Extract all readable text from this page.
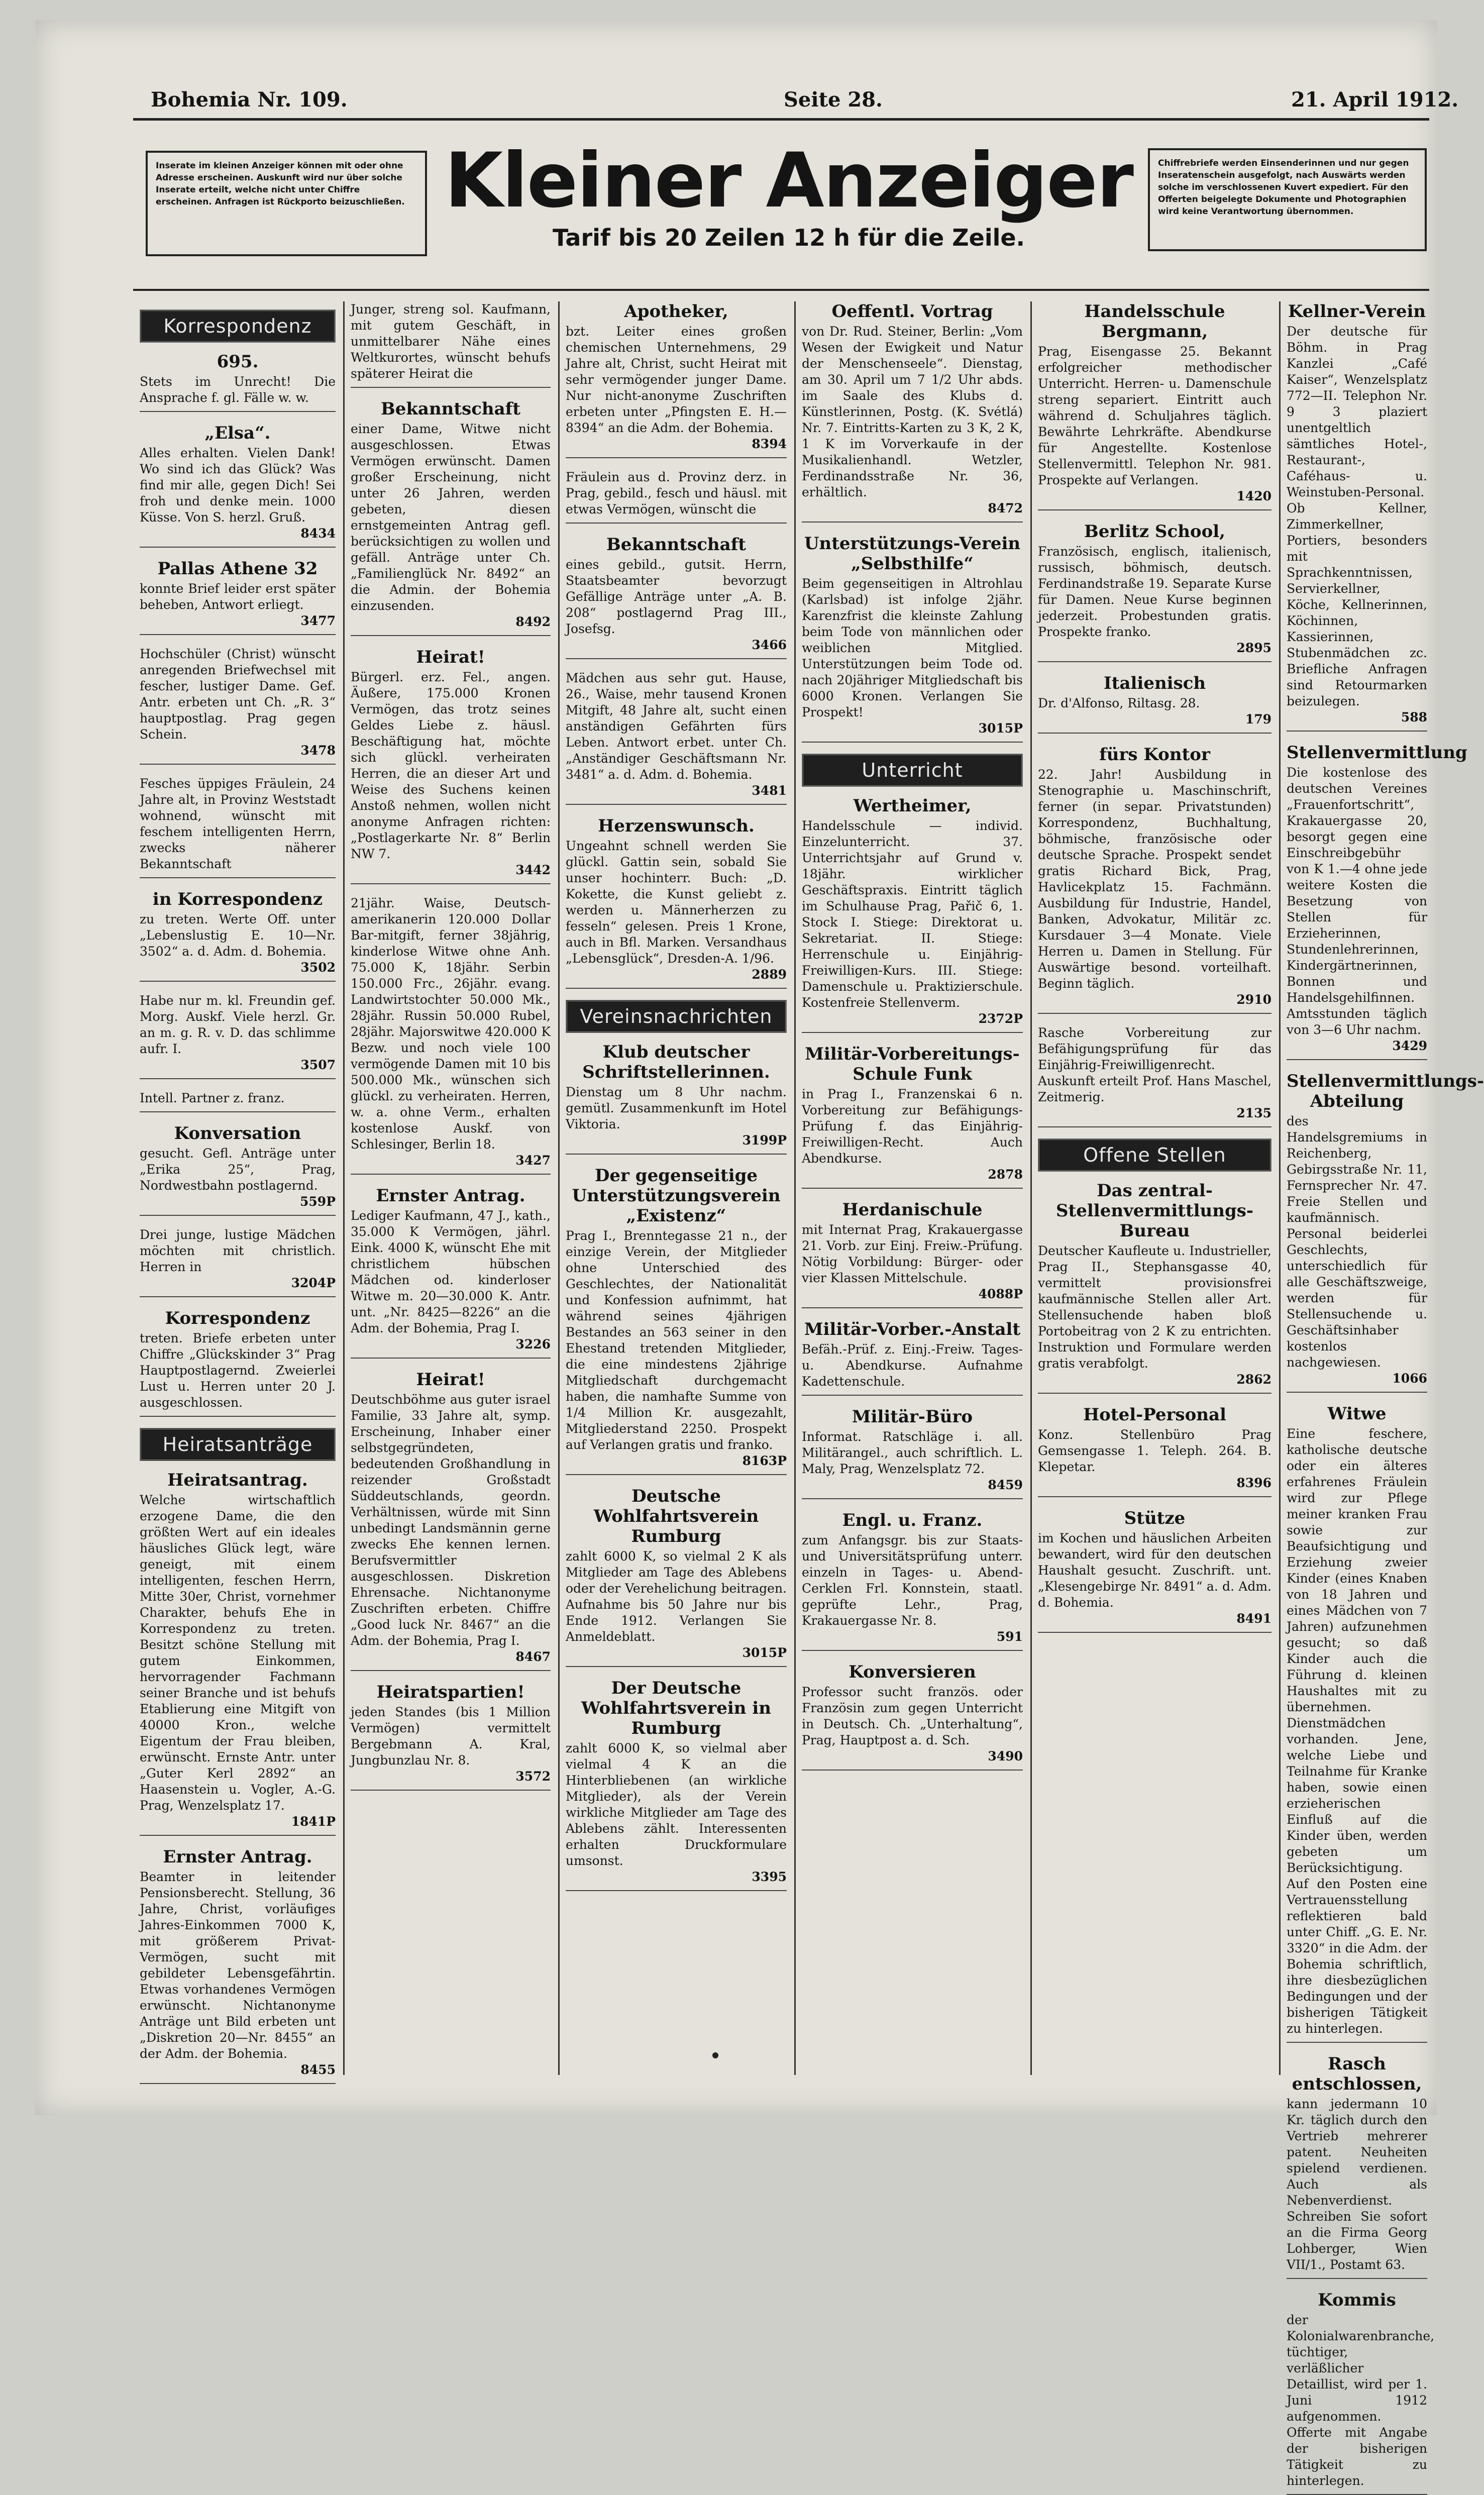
Bohemia Nr. 109.	Seite 28.	21. April 1912.
Inserate im kleinen Anzeiger können mit oder ohne Adresse erscheinen. Auskunft wird nur über solche Inserate erteilt, welche nicht unter Chiffre erscheinen. Anfragen ist Rückporto beizuschließen. Kleiner Anzeiger
Tarif bis 20 Zeilen 12 h für die Zeile.
Chiffrebriefe werden Einsenderinnen und nur gegen Inseratenschein ausgefolgt, nach Auswärts werden solche im verschlossenen Kuvert expediert. Für den Offerten beigelegte Dokumente und Photographien wird keine Verantwortung übernommen.
Korrespondenz
695.
Stets im Unrecht! Die Ansprache f. gl. Fälle w. w.
„Elsa“.
Alles erhalten. Vielen Dank! Wo sind ich das Glück? Was find mir alle, gegen Dich! Sei froh und denke mein. 1000 Küsse. Von S. herzl. Gruß.
8434
Pallas Athene 32
konnte Brief leider erst später beheben, Antwort erliegt.
3477
Hochschüler (Christ) wünscht anregenden Briefwechsel mit fescher, lustiger Dame. Gef. Antr. erbeten unt Ch. „R. 3“ hauptpostlag. Prag gegen Schein.
3478
Fesches üppiges Fräulein, 24 Jahre alt, in Provinz Weststadt wohnend, wünscht mit feschem intelligenten Herrn, zwecks näherer Bekanntschaft
in Korrespondenz
zu treten. Werte Off. unter „Lebenslustig E. 10—Nr. 3502“ a. d. Adm. d. Bohemia.
3502
Habe nur m. kl. Freundin gef. Morg. Auskf. Viele herzl. Gr. an m. g. R. v. D. das schlimme aufr. I.
3507
Intell. Partner z. franz.
Konversation
gesucht. Gefl. Anträge unter „Erika 25“, Prag, Nordwestbahn postlagernd.
559P
Drei junge, lustige Mädchen möchten mit christlich. Herren in
3204P
Korrespondenz
treten. Briefe erbeten unter Chiffre „Glückskinder 3“ Prag Hauptpostlagernd. Zweierlei Lust u. Herren unter 20 J. ausgeschlossen.
Heiratsanträge
Heiratsantrag.
Welche wirtschaftlich erzogene Dame, die den größten Wert auf ein ideales häusliches Glück legt, wäre geneigt, mit einem intelligenten, feschen Herrn, Mitte 30er, Christ, vornehmer Charakter, behufs Ehe in Korrespondenz zu treten. Besitzt schöne Stellung mit gutem Einkommen, hervorragender Fachmann seiner Branche und ist behufs Etablierung eine Mitgift von 40000 Kron., welche Eigentum der Frau bleiben, erwünscht. Ernste Antr. unter „Guter Kerl 2892“ an Haasenstein u. Vogler, A.-G. Prag, Wenzelsplatz 17.
1841P
Ernster Antrag.
Beamter in leitender Pensionsberecht. Stellung, 36 Jahre, Christ, vorläufiges Jahres-Einkommen 7000 K, mit größerem Privat-Vermögen, sucht mit gebildeter Lebensgefährtin. Etwas vorhandenes Vermögen erwünscht. Nichtanonyme Anträge unt Bild erbeten unt „Diskretion 20—Nr. 8455“ an der Adm. der Bohemia.
8455
Junger, streng sol. Kaufmann, mit gutem Geschäft, in unmittelbarer Nähe eines Weltkurortes, wünscht behufs späterer Heirat die
Bekanntschaft
einer Dame, Witwe nicht ausgeschlossen. Etwas Vermögen erwünscht. Damen großer Erscheinung, nicht unter 26 Jahren, werden gebeten, diesen ernstgemeinten Antrag gefl. berücksichtigen zu wollen und gefäll. Anträge unter Ch. „Familienglück Nr. 8492“ an die Admin. der Bohemia einzusenden.
8492
Heirat!
Bürgerl. erz. Fel., angen. Äußere, 175.000 Kronen Vermögen, das trotz seines Geldes Liebe z. häusl. Beschäftigung hat, möchte sich glückl. verheiraten Herren, die an dieser Art und Weise des Suchens keinen Anstoß nehmen, wollen nicht anonyme Anfragen richten: „Postlagerkarte Nr. 8“ Berlin NW 7.
3442
21jähr. Waise, Deutsch-amerikanerin 120.000 Dollar Bar-mitgift, ferner 38jährig, kinderlose Witwe ohne Anh. 75.000 K, 18jähr. Serbin 150.000 Frc., 26jähr. evang. Landwirtstochter 50.000 Mk., 28jähr. Russin 50.000 Rubel, 28jähr. Majorswitwe 420.000 K Bezw. und noch viele 100 vermögende Damen mit 10 bis 500.000 Mk., wünschen sich glückl. zu verheiraten. Herren, w. a. ohne Verm., erhalten kostenlose Auskf. von Schlesinger, Berlin 18.
3427
Ernster Antrag.
Lediger Kaufmann, 47 J., kath., 35.000 K Vermögen, jährl. Eink. 4000 K, wünscht Ehe mit christlichem hübschen Mädchen od. kinderloser Witwe m. 20—30.000 K. Antr. unt. „Nr. 8425—8226“ an die Adm. der Bohemia, Prag I.
3226
Heirat!
Deutschböhme aus guter israel Familie, 33 Jahre alt, symp. Erscheinung, Inhaber einer selbstgegründeten, bedeutenden Großhandlung in reizender Großstadt Süddeutschlands, geordn. Verhältnissen, würde mit Sinn unbedingt Landsmännin gerne zwecks Ehe kennen lernen. Berufsvermittler ausgeschlossen. Diskretion Ehrensache. Nichtanonyme Zuschriften erbeten. Chiffre „Good luck Nr. 8467“ an die Adm. der Bohemia, Prag I.
8467
Heiratspartien!
jeden Standes (bis 1 Million Vermögen) vermittelt Bergebmann A. Kral, Jungbunzlau Nr. 8.
3572
Apotheker,
bzt. Leiter eines großen chemischen Unternehmens, 29 Jahre alt, Christ, sucht Heirat mit sehr vermögender junger Dame. Nur nicht-anonyme Zuschriften erbeten unter „Pfingsten E. H.—8394“ an die Adm. der Bohemia.
8394
Fräulein aus d. Provinz derz. in Prag, gebild., fesch und häusl. mit etwas Vermögen, wünscht die
Bekanntschaft
eines gebild., gutsit. Herrn, Staatsbeamter bevorzugt Gefällige Anträge unter „A. B. 208“ postlagernd Prag III., Josefsg.
3466
Mädchen aus sehr gut. Hause, 26., Waise, mehr tausend Kronen Mitgift, 48 Jahre alt, sucht einen anständigen Gefährten fürs Leben. Antwort erbet. unter Ch. „Anständiger Geschäftsmann Nr. 3481“ a. d. Adm. d. Bohemia.
3481
Herzenswunsch.
Ungeahnt schnell werden Sie glückl. Gattin sein, sobald Sie unser hochinterr. Buch: „D. Kokette, die Kunst geliebt z. werden u. Männerherzen zu fesseln“ gelesen. Preis 1 Krone, auch in Bfl. Marken. Versandhaus „Lebensglück“, Dresden-A. 1/96.
2889
Vereinsnachrichten
Klub deutscher Schriftstellerinnen.
Dienstag um 8 Uhr nachm. gemütl. Zusammenkunft im Hotel Viktoria.
3199P
Der gegenseitige Unterstützungsverein „Existenz“
Prag I., Brenntegasse 21 n., der einzige Verein, der Mitglieder ohne Unterschied des Geschlechtes, der Nationalität und Konfession aufnimmt, hat während seines 4jährigen Bestandes an 563 seiner in den Ehestand tretenden Mitglieder, die eine mindestens 2jährige Mitgliedschaft durchgemacht haben, die namhafte Summe von 1/4 Million Kr. ausgezahlt, Mitgliederstand 2250. Prospekt auf Verlangen gratis und franko.
8163P
Deutsche Wohlfahrtsverein Rumburg
zahlt 6000 K, so vielmal 2 K als Mitglieder am Tage des Ablebens oder der Verehelichung beitragen. Aufnahme bis 50 Jahre nur bis Ende 1912. Verlangen Sie Anmeldeblatt.
3015P
Der Deutsche Wohlfahrtsverein in Rumburg
zahlt 6000 K, so vielmal aber vielmal 4 K an die Hinterbliebenen (an wirkliche Mitglieder), als der Verein wirkliche Mitglieder am Tage des Ablebens zählt. Interessenten erhalten Druckformulare umsonst.
3395
Oeffentl. Vortrag
von Dr. Rud. Steiner, Berlin: „Vom Wesen der Ewigkeit und Natur der Menschenseele“. Dienstag, am 30. April um 7 1/2 Uhr abds. im Saale des Klubs d. Künstlerinnen, Postg. (K. Svétlá) Nr. 7. Eintritts-Karten zu 3 K, 2 K, 1 K im Vorverkaufe in der Musikalienhandl. Wetzler, Ferdinandsstraße Nr. 36, erhältlich.
8472
Unterstützungs-Verein „Selbsthilfe“
Beim gegenseitigen in Altrohlau (Karlsbad) ist infolge 2jähr. Karenzfrist die kleinste Zahlung beim Tode von männlichen oder weiblichen Mitglied. Unterstützungen beim Tode od. nach 20jähriger Mitgliedschaft bis 6000 Kronen. Verlangen Sie Prospekt!
3015P
Unterricht
Wertheimer,
Handelsschule — individ. Einzelunterricht. 37. Unterrichtsjahr auf Grund v. 18jähr. wirklicher Geschäftspraxis. Eintritt täglich im Schulhause Prag, Pařič 6, 1. Stock I. Stiege: Direktorat u. Sekretariat. II. Stiege: Herrenschule u. Einjährig-Freiwilligen-Kurs. III. Stiege: Damenschule u. Praktizierschule. Kostenfreie Stellenverm.
2372P
Militär-Vorbereitungs-Schule Funk
in Prag I., Franzenskai 6 n. Vorbereitung zur Befähigungs-Prüfung f. das Einjährig-Freiwilligen-Recht. Auch Abendkurse.
2878
Herdanischule
mit Internat Prag, Krakauergasse 21. Vorb. zur Einj. Freiw.-Prüfung. Nötig Vorbildung: Bürger- oder vier Klassen Mittelschule.
4088P
Militär-Vorber.-Anstalt
Befäh.-Prüf. z. Einj.-Freiw. Tages- u. Abendkurse. Aufnahme Kadettenschule.
Militär-Büro
Informat. Ratschläge i. all. Militärangel., auch schriftlich. L. Maly, Prag, Wenzelsplatz 72.
8459
Engl. u. Franz.
zum Anfangsgr. bis zur Staats- und Universitätsprüfung unterr. einzeln in Tages- u. Abend-Cerklen Frl. Konnstein, staatl. geprüfte Lehr., Prag, Krakauergasse Nr. 8.
591
Konversieren
Professor sucht französ. oder Französin zum gegen Unterricht in Deutsch. Ch. „Unterhaltung“, Prag, Hauptpost a. d. Sch.
3490
Handelsschule Bergmann,
Prag, Eisengasse 25. Bekannt erfolgreicher methodischer Unterricht. Herren- u. Damenschule streng separiert. Eintritt auch während d. Schuljahres täglich. Bewährte Lehrkräfte. Abendkurse für Angestellte. Kostenlose Stellenvermittl. Telephon Nr. 981. Prospekte auf Verlangen.
1420
Berlitz School,
Französisch, englisch, italienisch, russisch, böhmisch, deutsch. Ferdinandstraße 19. Separate Kurse für Damen. Neue Kurse beginnen jederzeit. Probestunden gratis. Prospekte franko.
2895
Italienisch
Dr. d'Alfonso, Riltasg. 28.
179
fürs Kontor
22. Jahr! Ausbildung in Stenographie u. Maschinschrift, ferner (in separ. Privatstunden) Korrespondenz, Buchhaltung, böhmische, französische oder deutsche Sprache. Prospekt sendet gratis Richard Bick, Prag, Havlicekplatz 15. Fachmänn. Ausbildung für Industrie, Handel, Banken, Advokatur, Militär zc. Kursdauer 3—4 Monate. Viele Herren u. Damen in Stellung. Für Auswärtige besond. vorteilhaft. Beginn täglich.
2910
Rasche Vorbereitung zur Befähigungsprüfung für das Einjährig-Freiwilligenrecht. Auskunft erteilt Prof. Hans Maschel, Zeitmerig.
2135
Offene Stellen
Das zentral-Stellenvermittlungs-Bureau
Deutscher Kaufleute u. Industrieller, Prag II., Stephansgasse 40, vermittelt provisionsfrei kaufmännische Stellen aller Art. Stellensuchende haben bloß Portobeitrag von 2 K zu entrichten. Instruktion und Formulare werden gratis verabfolgt.
2862
Hotel-Personal
Konz. Stellenbüro Prag Gemsengasse 1. Teleph. 264. B. Klepetar.
8396
Stütze
im Kochen und häuslichen Arbeiten bewandert, wird für den deutschen Haushalt gesucht. Zuschrift. unt. „Klesengebirge Nr. 8491“ a. d. Adm. d. Bohemia.
8491
Kellner-Verein
Der deutsche für Böhm. in Prag Kanzlei „Café Kaiser“, Wenzelsplatz 772—II. Telephon Nr. 9 3 plaziert unentgeltlich sämtliches Hotel-, Restaurant-, Caféhaus- u. Weinstuben-Personal. Ob Kellner, Zimmerkellner, Portiers, besonders mit Sprachkenntnissen, Servierkellner, Köche, Kellnerinnen, Köchinnen, Kassierinnen, Stubenmädchen zc. Briefliche Anfragen sind Retourmarken beizulegen.
588
Stellenvermittlung
Die kostenlose des deutschen Vereines „Frauenfortschritt“, Krakauergasse 20, besorgt gegen eine Einschreibgebühr von K 1.—4 ohne jede weitere Kosten die Besetzung von Stellen für Erzieherinnen, Stundenlehrerinnen, Kindergärtnerinnen, Bonnen und Handelsgehilfinnen. Amtsstunden täglich von 3—6 Uhr nachm.
3429
Stellenvermittlungs-Abteilung
des Handelsgremiums in Reichenberg, Gebirgsstraße Nr. 11, Fernsprecher Nr. 47. Freie Stellen und kaufmännisch. Personal beiderlei Geschlechts, unterschiedlich für alle Geschäftszweige, werden für Stellensuchende u. Geschäftsinhaber kostenlos nachgewiesen.
1066
Witwe
Eine feschere, katholische deutsche oder ein älteres erfahrenes Fräulein wird zur Pflege meiner kranken Frau sowie zur Beaufsichtigung und Erziehung zweier Kinder (eines Knaben von 18 Jahren und eines Mädchen von 7 Jahren) aufzunehmen gesucht; so daß Kinder auch die Führung d. kleinen Haushaltes mit zu übernehmen. Dienstmädchen vorhanden. Jene, welche Liebe und Teilnahme für Kranke haben, sowie einen erzieherischen Einfluß auf die Kinder üben, werden gebeten um Berücksichtigung. Auf den Posten eine Vertrauensstellung reflektieren bald unter Chiff. „G. E. Nr. 3320“ in die Adm. der Bohemia schriftlich, ihre diesbezüglichen Bedingungen und der bisherigen Tätigkeit zu hinterlegen.
Rasch entschlossen,
kann jedermann 10 Kr. täglich durch den Vertrieb mehrerer patent. Neuheiten spielend verdienen. Auch als Nebenverdienst. Schreiben Sie sofort an die Firma Georg Lohberger, Wien VII/1., Postamt 63.
Kommis
der Kolonialwarenbranche, tüchtiger, verläßlicher Detaillist, wird per 1. Juni 1912 aufgenommen. Offerte mit Angabe der bisherigen Tätigkeit zu hinterlegen.
